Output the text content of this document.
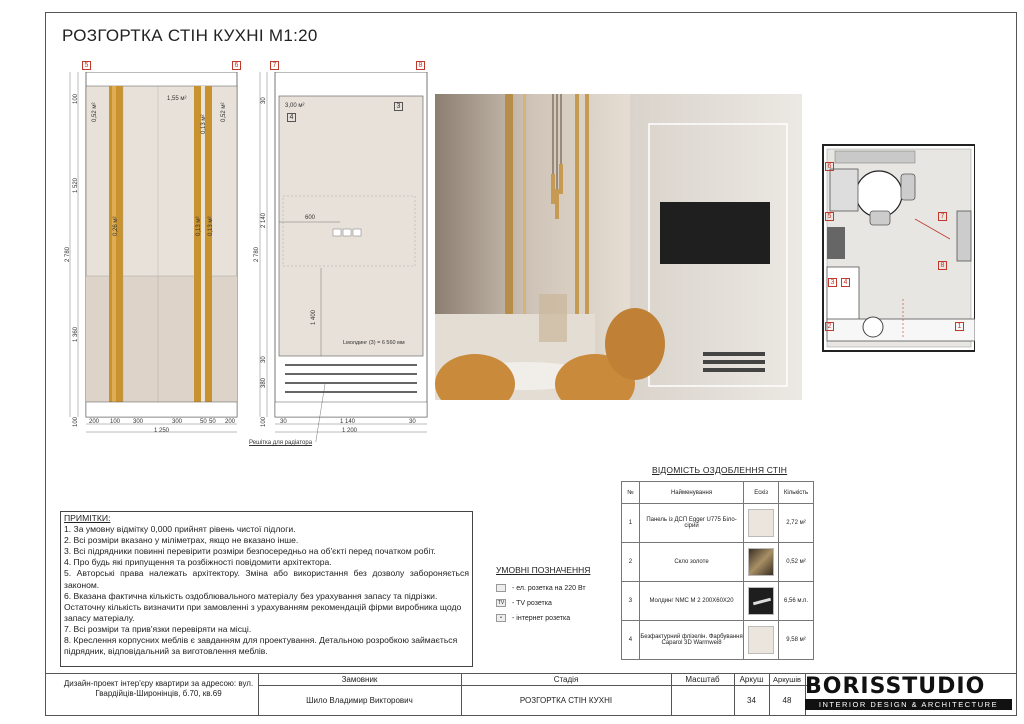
РОЗГОРТКА СТІН КУХНІ М1:20
5	6
100
1 520
1 360
100
2 780
0,52 м²
1,55 м²
0,13 м²
0,52 м²
0,26 м²	0,13 м² 0,13 м²
200 100 300	300	50 50 200
1 250
7	8
3
3,00 м²
4
600
1 400
Lмолдинг (3) = 6 560 мм
30
2 140
2 780
30
380
100 30	1 140	30
1 200
Решітка для радіатора
6
5	7
8
3	4
2	1
ПРИМІТКИ:
1. За умовну відмітку 0,000 прийнят рівень чистої підлоги.
2. Всі розміри вказано у міліметрах, якщо не вказано інше.
3. Всі підрядники повинні перевірити розміри безпосередньо на об'єкті перед початком робіт.
4. Про будь які припущення та розбіжності повідомити архітектора.
5. Авторські права належать архітектору. Зміна або використання без дозволу забороняється законом.
6. Вказана фактична кількість оздоблювального матеріалу без урахування запасу та підрізки. Остаточну кількість визначити при замовленні з урахуванням рекомендацій фірми виробника щодо запасу матеріалу.
7. Всі розміри та прив'язки перевіряти на місці.
8. Креслення корпусних меблів є завданням для проектування. Детальною розробкою займається підрядник, відповідальний за виготовлення меблів.
УМОВНІ ПОЗНАЧЕННЯ
- ел. розетка на 220 Вт
TV - TV розетка
•	- інтернет розетка
ВІДОМІСТЬ ОЗДОБЛЕННЯ СТІН
№	Найменування	Ескіз	Кількість
1	Панель із ДСП Egger U775 Біло-сірий		2,72 м²
2	Скло золоте		0,52 м²
3	Молдинг NMC M 2 200X60X20		6,56 м.п.
4	Безфактурний флізелін. Фарбування Caparol 3D Warmwei8		9,58 м²
Дизайн-проект інтер'єру квартири за адресою: вул. Гвардійців-Широнінців, б.70, кв.69
Замовник
Шило Владимир Викторович
Стадія
РОЗГОРТКА СТІН КУХНІ
Масштаб	Аркуш
34
Аркушів
48
BORISSTUDIO
INTERIOR DESIGN & ARCHITECTURE
